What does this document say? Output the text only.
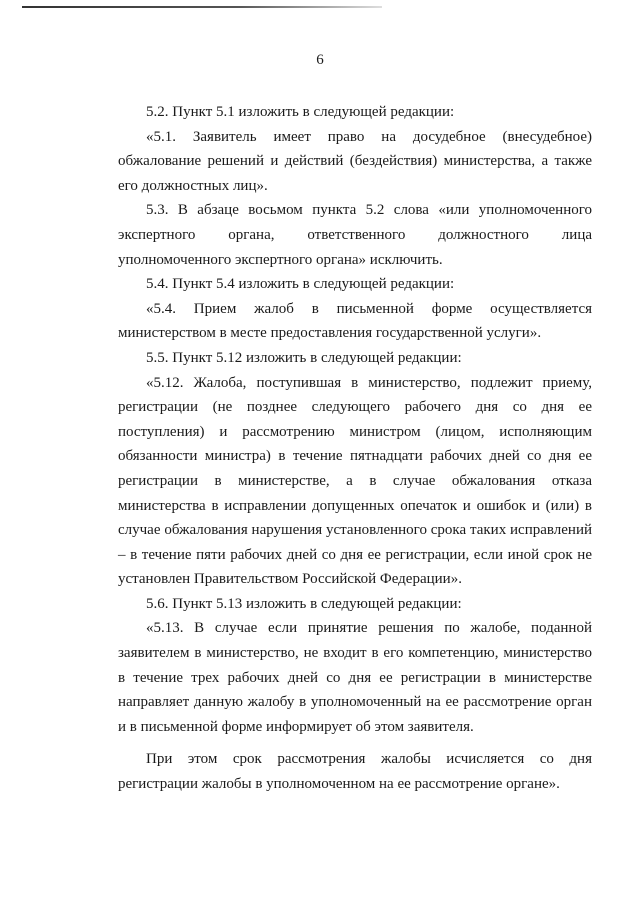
6

5.2. Пункт 5.1 изложить в следующей редакции:

«5.1. Заявитель имеет право на досудебное (внесудебное) обжалование решений и действий (бездействия) министерства, а также его должностных лиц».

5.3. В абзаце восьмом пункта 5.2 слова «или уполномоченного экспертного органа, ответственного должностного лица уполномоченного экспертного органа» исключить.

5.4. Пункт 5.4 изложить в следующей редакции:

«5.4. Прием жалоб в письменной форме осуществляется министерством в месте предоставления государственной услуги».

5.5. Пункт 5.12 изложить в следующей редакции:

«5.12. Жалоба, поступившая в министерство, подлежит приему, регистрации (не позднее следующего рабочего дня со дня ее поступления) и рассмотрению министром (лицом, исполняющим обязанности министра) в течение пятнадцати рабочих дней со дня ее регистрации в министерстве, а в случае обжалования отказа министерства в исправлении допущенных опечаток и ошибок и (или) в случае обжалования нарушения установленного срока таких исправлений – в течение пяти рабочих дней со дня ее регистрации, если иной срок не установлен Правительством Российской Федерации».

5.6. Пункт 5.13 изложить в следующей редакции:

«5.13. В случае если принятие решения по жалобе, поданной заявителем в министерство, не входит в его компетенцию, министерство в течение трех рабочих дней со дня ее регистрации в министерстве направляет данную жалобу в уполномоченный на ее рассмотрение орган и в письменной форме информирует об этом заявителя.

При этом срок рассмотрения жалобы исчисляется со дня регистрации жалобы в уполномоченном на ее рассмотрение органе».
